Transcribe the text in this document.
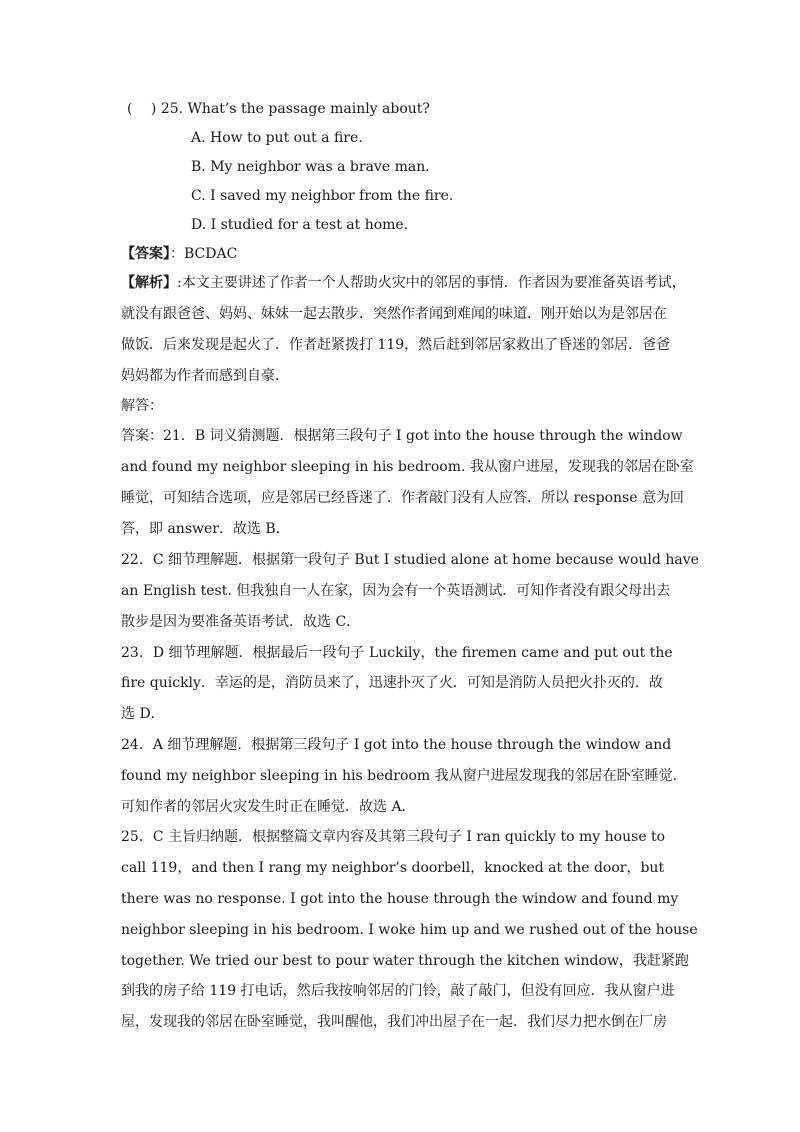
(　 ) 25. What’s the passage mainly about?
A. How to put out a fire.
B. My neighbor was a brave man.
C. I saved my neighbor from the fire.
D. I studied for a test at home.
【答案】：BCDAC
【解析】:本文主要讲述了作者一个人帮助火灾中的邻居的事情．作者因为要准备英语考试，
就没有跟爸爸、妈妈、妹妹一起去散步．突然作者闻到难闻的味道．刚开始以为是邻居在
做饭．后来发现是起火了．作者赶紧拨打 119，然后赶到邻居家救出了昏迷的邻居．爸爸
妈妈都为作者而感到自豪．
解答：
答案：21．B 词义猜测题．根据第三段句子 I got into the house through the window
and found my neighbor sleeping in his bedroom. 我从窗户进屋，发现我的邻居在卧室
睡觉，可知结合选项，应是邻居已经昏迷了．作者敲门没有人应答．所以 response 意为回
答，即 answer．故选 B．
22．C 细节理解题．根据第一段句子 But I studied alone at home because would have
an English test. 但我独自一人在家，因为会有一个英语测试．可知作者没有跟父母出去
散步是因为要准备英语考试．故选 C．
23．D 细节理解题．根据最后一段句子 Luckily，the firemen came and put out the
fire quickly．幸运的是，消防员来了，迅速扑灭了火．可知是消防人员把火扑灭的．故
选 D．
24．A 细节理解题．根据第三段句子 I got into the house through the window and
found my neighbor sleeping in his bedroom 我从窗户进屋发现我的邻居在卧室睡觉．
可知作者的邻居火灾发生时正在睡觉．故选 A．
25．C 主旨归纳题．根据整篇文章内容及其第三段句子 I ran quickly to my house to
call 119，and then I rang my neighbor’s doorbell，knocked at the door，but
there was no response. I got into the house through the window and found my
neighbor sleeping in his bedroom. I woke him up and we rushed out of the house
together. We tried our best to pour water through the kitchen window，我赶紧跑
到我的房子给 119 打电话，然后我按响邻居的门铃，敲了敲门，但没有回应．我从窗户进
屋，发现我的邻居在卧室睡觉，我叫醒他，我们冲出屋子在一起．我们尽力把水倒在厂房
